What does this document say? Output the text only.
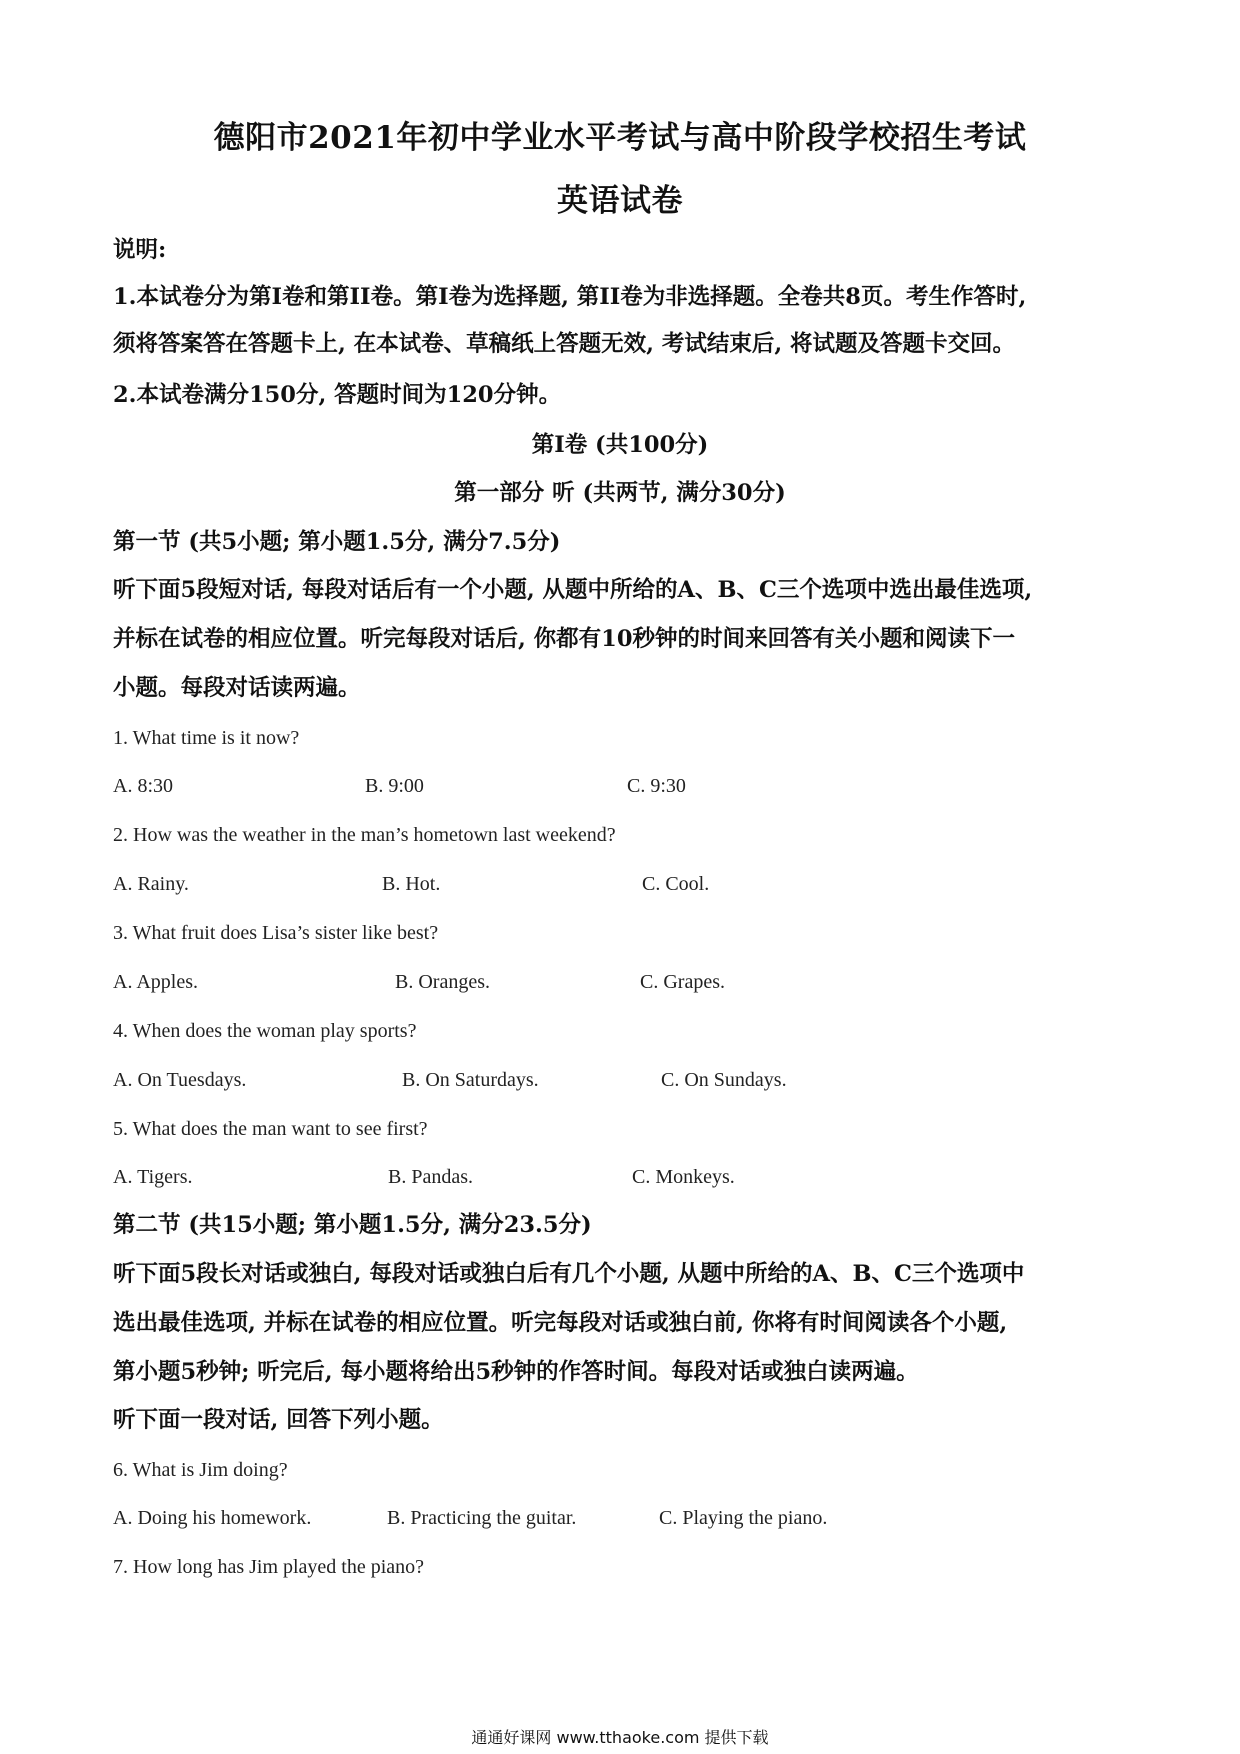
德阳市2021年初中学业水平考试与高中阶段学校招生考试
英语试卷
说明:
1.本试卷分为第I卷和第II卷。第I卷为选择题, 第II卷为非选择题。全卷共8页。考生作答时,
须将答案答在答题卡上, 在本试卷、草稿纸上答题无效, 考试结束后, 将试题及答题卡交回。
2.本试卷满分150分, 答题时间为120分钟。
第I卷 (共100分)
第一部分 听 (共两节, 满分30分)
第一节 (共5小题; 第小题1.5分, 满分7.5分)
听下面5段短对话, 每段对话后有一个小题, 从题中所给的A、B、C三个选项中选出最佳选项,
并标在试卷的相应位置。听完每段对话后, 你都有10秒钟的时间来回答有关小题和阅读下一
小题。每段对话读两遍。
1. What time is it now?
A. 8:30	B. 9:00	C. 9:30
2. How was the weather in the man’s hometown last weekend?
A. Rainy.	B. Hot.	C. Cool.
3. What fruit does Lisa’s sister like best?
A. Apples.	B. Oranges.	C. Grapes.
4. When does the woman play sports?
A. On Tuesdays.	B. On Saturdays.	C. On Sundays.
5. What does the man want to see first?
A. Tigers.	B. Pandas.	C. Monkeys.
第二节 (共15小题; 第小题1.5分, 满分23.5分)
听下面5段长对话或独白, 每段对话或独白后有几个小题, 从题中所给的A、B、C三个选项中
选出最佳选项, 并标在试卷的相应位置。听完每段对话或独白前, 你将有时间阅读各个小题,
第小题5秒钟; 听完后, 每小题将给出5秒钟的作答时间。每段对话或独白读两遍。
听下面一段对话, 回答下列小题。
6. What is Jim doing?
A. Doing his homework.	B. Practicing the guitar.	C. Playing the piano.
7. How long has Jim played the piano?
通通好课网 www.tthaoke.com 提供下载
